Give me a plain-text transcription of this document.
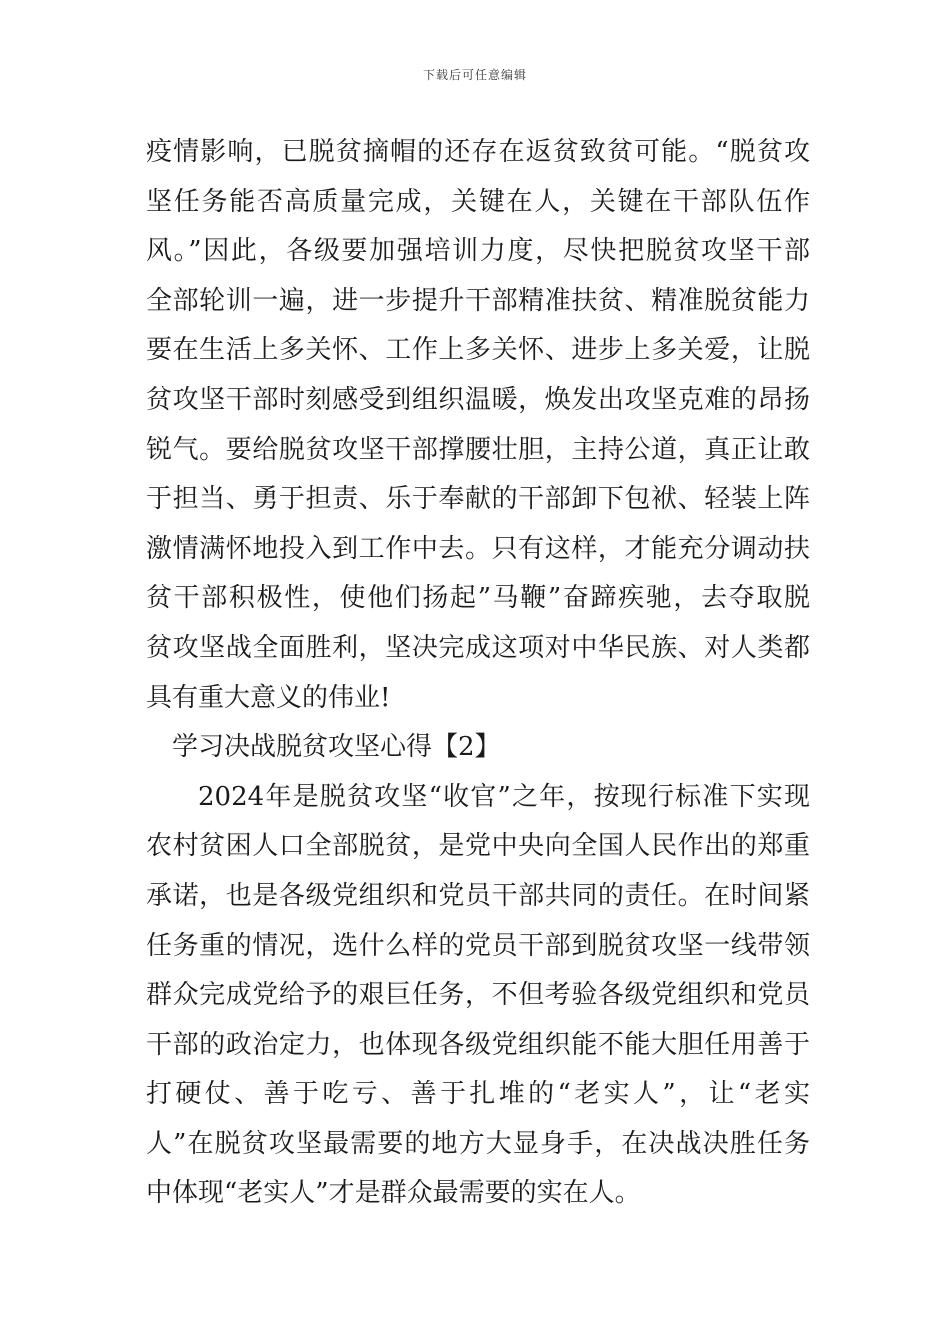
下载后可任意编辑
疫情影响，已脱贫摘帽的还存在返贫致贫可能。“脱贫攻
坚任务能否高质量完成，关键在人，关键在干部队伍作
风。”因此，各级要加强培训力度，尽快把脱贫攻坚干部
全部轮训一遍，进一步提升干部精准扶贫、精准脱贫能力
要在生活上多关怀、工作上多关怀、进步上多关爱，让脱
贫攻坚干部时刻感受到组织温暖，焕发出攻坚克难的昂扬
锐气。要给脱贫攻坚干部撑腰壮胆，主持公道，真正让敢
于担当、勇于担责、乐于奉献的干部卸下包袱、轻装上阵
激情满怀地投入到工作中去。只有这样，才能充分调动扶
贫干部积极性，使他们扬起”马鞭”奋蹄疾驰，去夺取脱
贫攻坚战全面胜利，坚决完成这项对中华民族、对人类都
具有重大意义的伟业!
学习决战脱贫攻坚心得【2】
2024年是脱贫攻坚“收官”之年，按现行标准下实现
农村贫困人口全部脱贫，是党中央向全国人民作出的郑重
承诺，也是各级党组织和党员干部共同的责任。在时间紧
任务重的情况，选什么样的党员干部到脱贫攻坚一线带领
群众完成党给予的艰巨任务，不但考验各级党组织和党员
干部的政治定力，也体现各级党组织能不能大胆任用善于
打硬仗、善于吃亏、善于扎堆的“老实人”，让“老实
人”在脱贫攻坚最需要的地方大显身手，在决战决胜任务
中体现“老实人”才是群众最需要的实在人。
